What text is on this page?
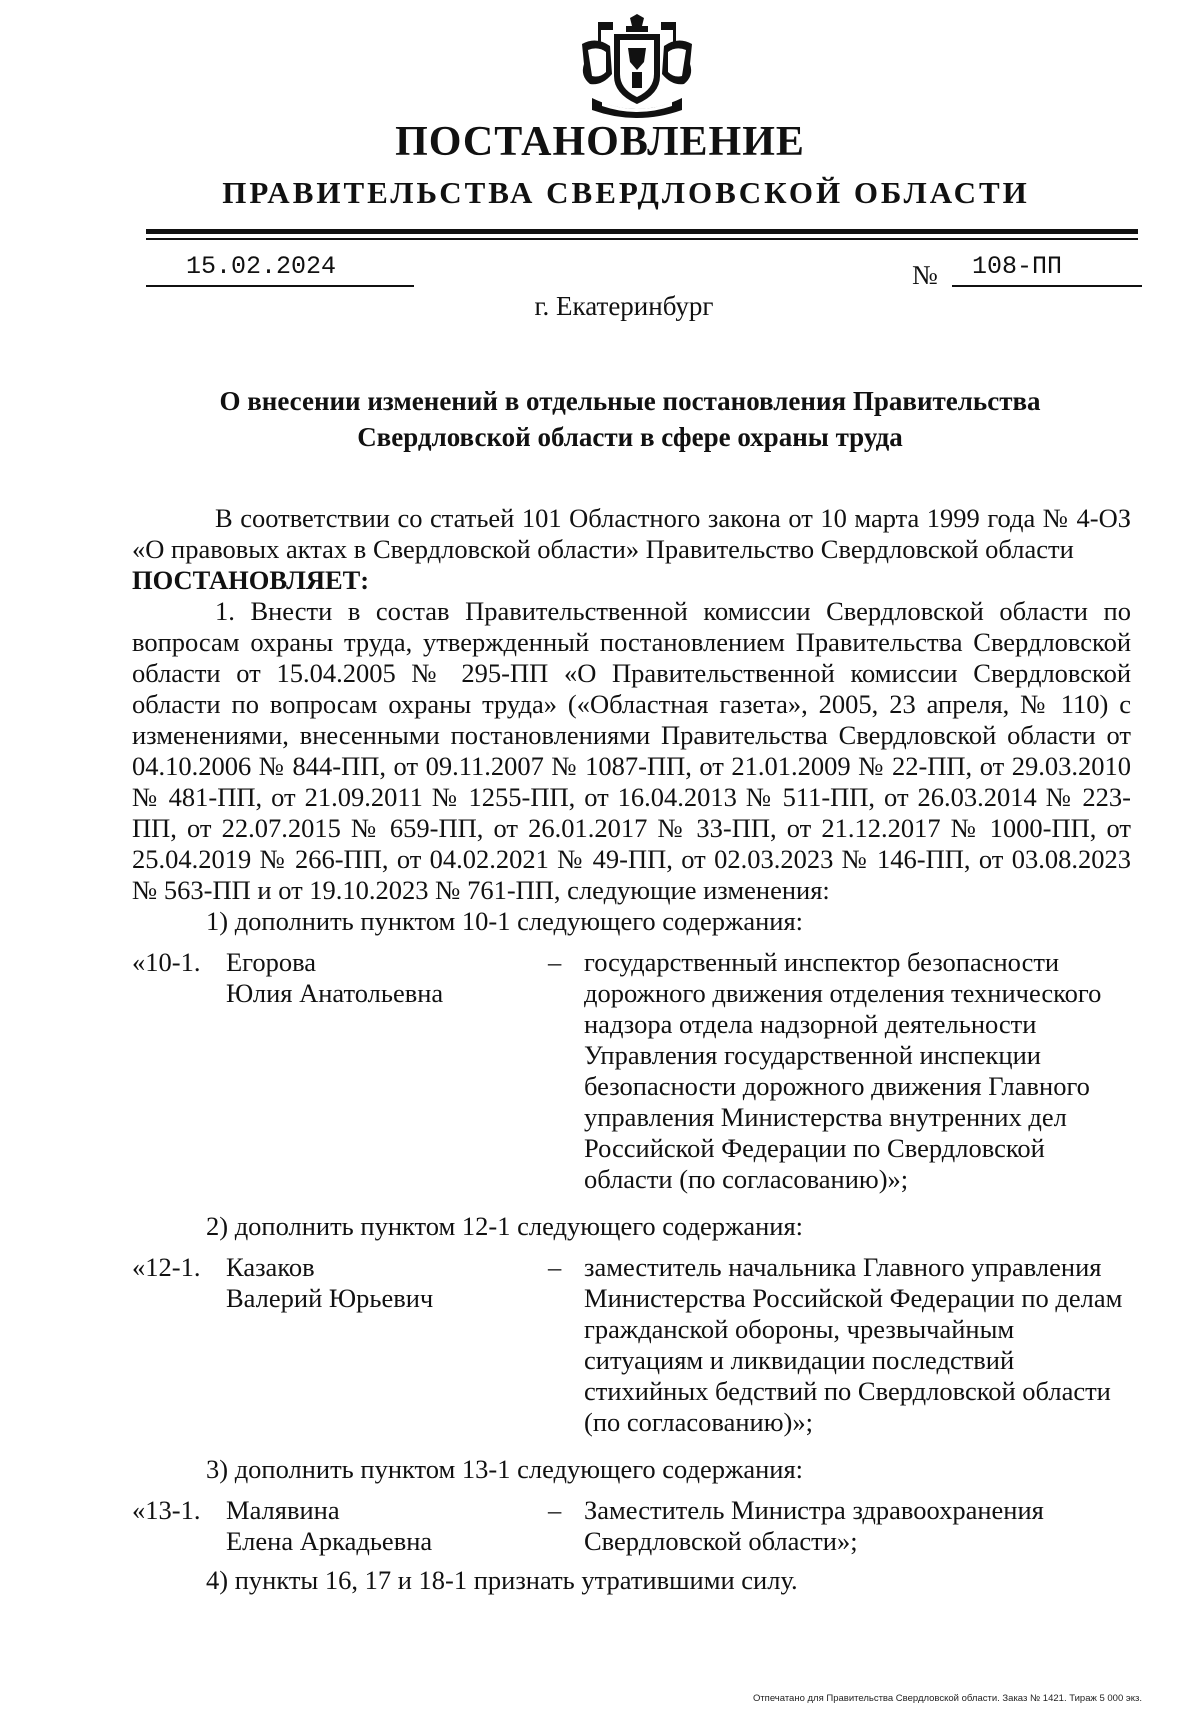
ПОСТАНОВЛЕНИЕ
ПРАВИТЕЛЬСТВА СВЕРДЛОВСКОЙ ОБЛАСТИ
15.02.2024	№ 108-ПП
г. Екатеринбург
О внесении изменений в отдельные постановления Правительства
Свердловской области в сфере охраны труда

В соответствии со статьей 101 Областного закона от 10 марта 1999 года № 4-ОЗ «О правовых актах в Свердловской области» Правительство Свердловской области

ПОСТАНОВЛЯЕТ:

1. Внести в состав Правительственной комиссии Свердловской области по вопросам охраны труда, утвержденный постановлением Правительства Свердловской области от 15.04.2005 № 295-ПП «О Правительственной комиссии Свердловской области по вопросам охраны труда» («Областная газета», 2005, 23 апреля, № 110) с изменениями, внесенными постановлениями Правительства Свердловской области от 04.10.2006 № 844-ПП, от 09.11.2007 № 1087-ПП, от 21.01.2009 № 22-ПП, от 29.03.2010 № 481-ПП, от 21.09.2011 № 1255-ПП, от 16.04.2013 № 511-ПП, от 26.03.2014 № 223-ПП, от 22.07.2015 № 659-ПП, от 26.01.2017 № 33-ПП, от 21.12.2017 № 1000-ПП, от 25.04.2019 № 266-ПП, от 04.02.2021 № 49-ПП, от 02.03.2023 № 146-ПП, от 03.08.2023 № 563-ПП и от 19.10.2023 № 761-ПП, следующие изменения:

1) дополнить пунктом 10-1 следующего содержания:

«10-1. Егорова
Юлия Анатольевна
– государственный инспектор безопасности
дорожного движения отделения технического
надзора отдела надзорной деятельности
Управления государственной инспекции
безопасности дорожного движения Главного
управления Министерства внутренних дел
Российской Федерации по Свердловской
области (по согласованию)»;

2) дополнить пунктом 12-1 следующего содержания:

«12-1. Казаков
Валерий Юрьевич
– заместитель начальника Главного управления
Министерства Российской Федерации по делам
гражданской обороны, чрезвычайным
ситуациям и ликвидации последствий
стихийных бедствий по Свердловской области
(по согласованию)»;

3) дополнить пунктом 13-1 следующего содержания:

«13-1. Малявина
Елена Аркадьевна
– Заместитель Министра здравоохранения
Свердловской области»;

4) пункты 16, 17 и 18-1 признать утратившими силу.

Отпечатано для Правительства Свердловской области. Заказ № 1421. Тираж 5 000 экз.
